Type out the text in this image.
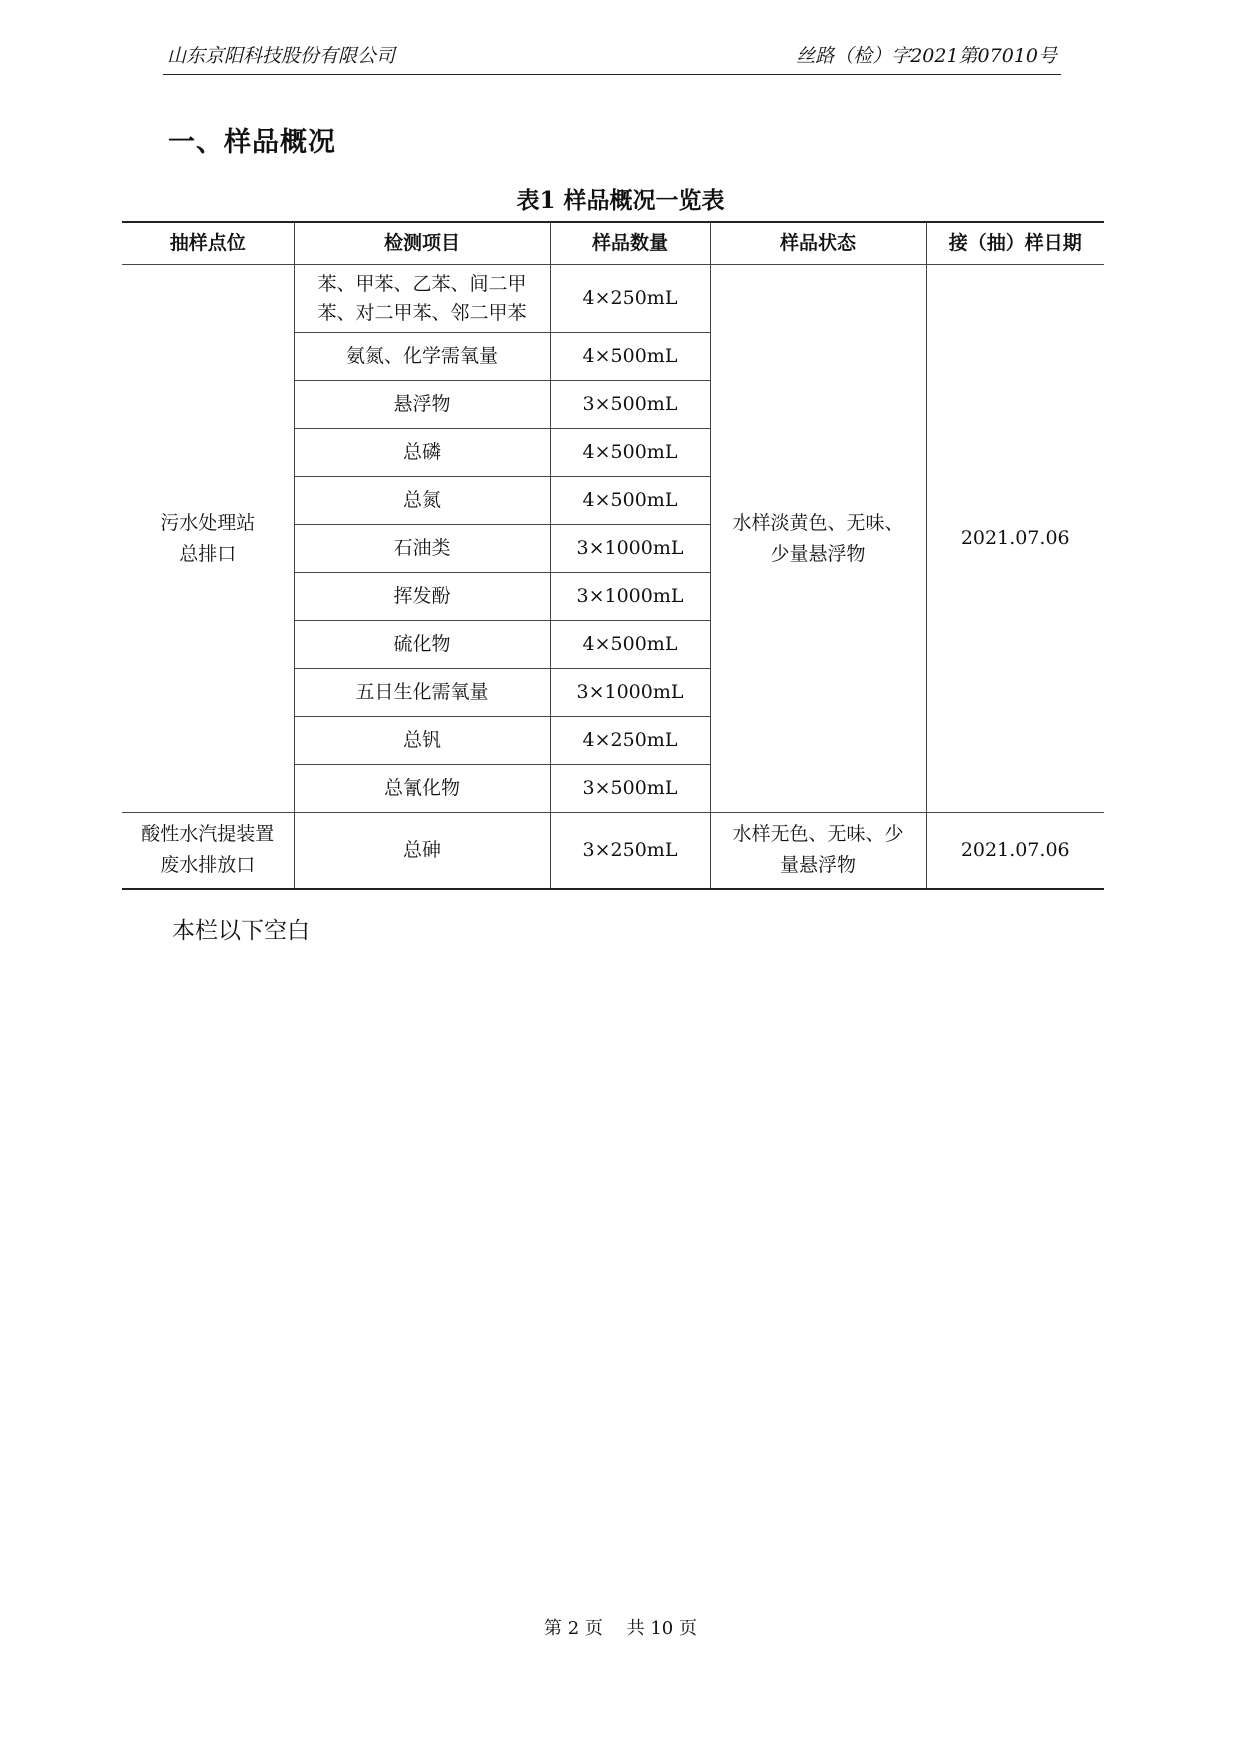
山东京阳科技股份有限公司	丝路（检）字2021第07010号
一、样品概况
表1 样品概况一览表
抽样点位	检测项目	样品数量	样品状态	接（抽）样日期
污水处理站总排口	苯、甲苯、乙苯、间二甲苯、对二甲苯、邻二甲苯	4×250mL	水样淡黄色、无味、少量悬浮物	2021.07.06
	氨氮、化学需氧量	4×500mL		
	悬浮物	3×500mL		
	总磷	4×500mL		
	总氮	4×500mL		
	石油类	3×1000mL		
	挥发酚	3×1000mL		
	硫化物	4×500mL		
	五日生化需氧量	3×1000mL		
	总钒	4×250mL		
	总氰化物	3×500mL		
酸性水汽提装置废水排放口	总砷	3×250mL	水样无色、无味、少量悬浮物	2021.07.06
本栏以下空白
第 2 页　 共 10 页
